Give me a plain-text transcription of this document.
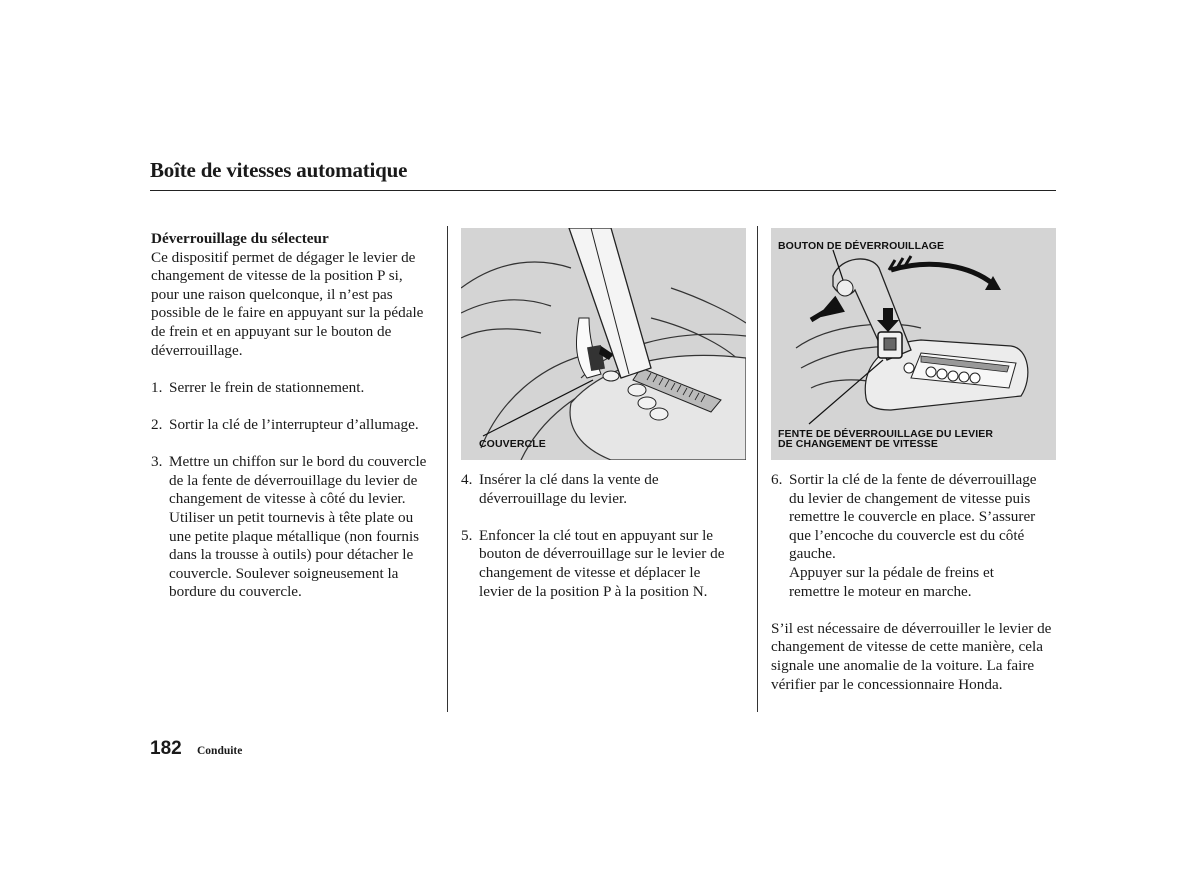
Boîte de vitesses automatique

Déverrouillage du sélecteur

Ce dispositif permet de dégager le levier de

changement de vitesse de la position P si,

pour une raison quelconque, il n’est pas

possible de le faire en appuyant sur la pédale

de frein et en appuyant sur le bouton de

déverrouillage.

1. Serrer le frein de stationnement.

2. Sortir la clé de l’interrupteur d’allumage.

3. Mettre un chiffon sur le bord du couvercle

de la fente de déverrouillage du levier de

changement de vitesse à côté du levier.

Utiliser un petit tournevis à tête plate ou

une petite plaque métallique (non fournis

dans la trousse à outils) pour détacher le

couvercle. Soulever soigneusement la

bordure du couvercle.

COUVERCLE
4. Insérer la clé dans la vente de

déverrouillage du levier.

5. Enfoncer la clé tout en appuyant sur le

bouton de déverrouillage sur le levier de

changement de vitesse et déplacer le

levier de la position P à la position N.

BOUTON DE DÉVERROUILLAGE
FENTE DE DÉVERROUILLAGE DU LEVIER
DE CHANGEMENT DE VITESSE
6. Sortir la clé de la fente de déverrouillage

du levier de changement de vitesse puis

remettre le couvercle en place. S’assurer

que l’encoche du couvercle est du côté

gauche.

Appuyer sur la pédale de freins et

remettre le moteur en marche.

S’il est nécessaire de déverrouiller le levier de

changement de vitesse de cette manière, cela

signale une anomalie de la voiture. La faire

vérifier par le concessionnaire Honda.

182 Conduite
